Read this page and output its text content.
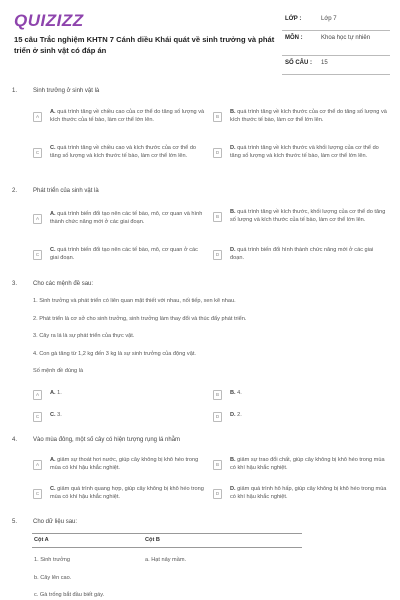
QUIZIZZ
15 câu Trắc nghiệm KHTN 7 Cánh diều Khái quát về sinh trưởng và phát triển ở sinh vật có đáp án
LỚP :	Lớp 7
MÔN :	Khoa học tự nhiên
SỐ CÂU : 15
1.	Sinh trưởng ở sinh vật là
A
A. quá trình tăng về chiều cao của cơ thể do tăng số lượng và kích thước của tế bào, làm cơ thể lớn lên.
B
B. quá trình tăng về kích thước của cơ thể do tăng số lượng và kích thước tế bào, làm cơ thể lớn lên.
C
C. quá trình tăng về chiều cao và kích thước của cơ thể do tăng số lượng và kích thước tế bào, làm cơ thể lớn lên.
D
D. quá trình tăng về kích thước và khối lượng của cơ thể do tăng số lượng và kích thước tế bào, làm cơ thể lớn lên.
2.	Phát triển của sinh vật là
A
A. quá trình biến đổi tạo nên các tế bào, mô, cơ quan và hình thành chức năng mới ở các giai đoạn.
B
B. quá trình tăng về kích thước, khối lượng của cơ thể do tăng số lượng và kích thước của tế bào, làm cơ thể lớn lên.
C
C. quá trình biến đổi tạo nên các tế bào, mô, cơ quan ở các giai đoạn.
D
D. quá trình biến đổi hình thành chức năng mới ở các giai đoạn.
3.	Cho các mệnh đề sau:
1. Sinh trưởng và phát triển có liên quan mật thiết với nhau, nối tiếp, xen kẽ nhau.
2. Phát triển là cơ sở cho sinh trưởng, sinh trưởng làm thay đổi và thúc đẩy phát triển.
3. Cây ra lá là sự phát triển của thực vật.
4. Con gà tăng từ 1,2 kg đến 3 kg là sự sinh trưởng của động vật.
Số mệnh đề đúng là
A	A. 1.	B	B. 4.
C	C. 3.	D	D. 2.
4.	Vào mùa đông, một số cây có hiện tượng rụng lá nhằm
A
A. giảm sự thoát hơi nước, giúp cây không bị khô héo trong mùa có khí hậu khắc nghiệt.
B
B. giảm sự trao đổi chất, giúp cây không bị khô héo trong mùa có khí hậu khắc nghiệt.
C
C. giảm quá trình quang hợp, giúp cây không bị khô héo trong mùa có khí hậu khắc nghiệt.
D
D. giảm quá trình hô hấp, giúp cây không bị khô héo trong mùa có khí hậu khắc nghiệt.
5.	Cho dữ liệu sau:
Cột A	Cột B
1. Sinh trưởng	a. Hạt nảy mầm.
b. Cây lên cao.
c. Gà trống bắt đầu biết gáy.
